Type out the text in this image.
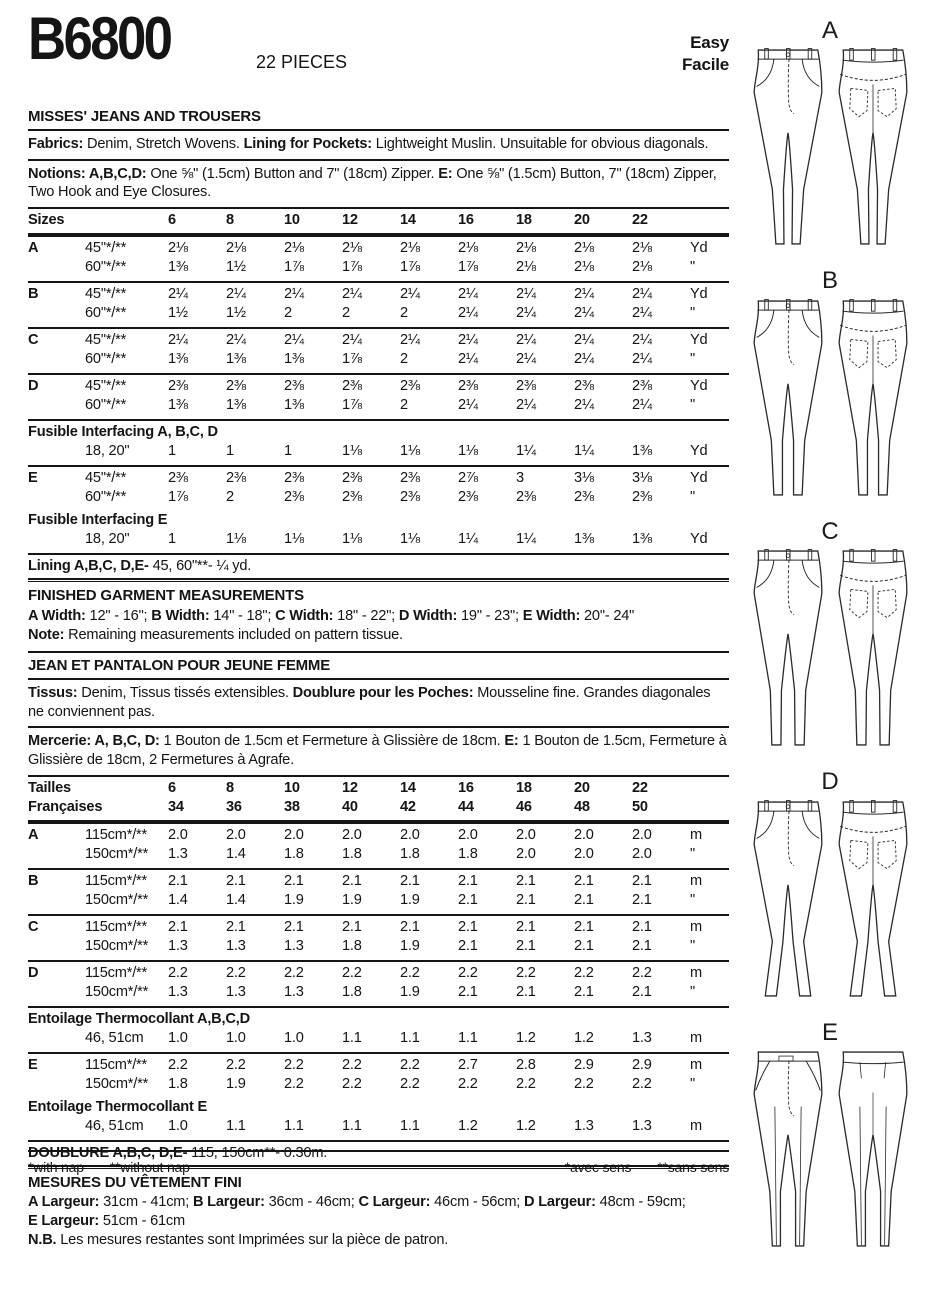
B6800	22 PIECES
Easy
Facile
MISSES' JEANS AND TROUSERS
Fabrics: Denim, Stretch Wovens. Lining for Pockets: Lightweight Muslin. Unsuitable for obvious diagonals.
Notions: A,B,C,D: One ⅝" (1.5cm) Button and 7" (18cm) Zipper. E: One ⅝" (1.5cm) Button, 7" (18cm) Zipper, Two Hook and Eye Closures.
Sizes	6	8	10	12	14	16	18	20	22
A	45"*/**	2⅛	2⅛	2⅛	2⅛	2⅛	2⅛	2⅛	2⅛	2⅛	Yd
60"*/**	1⅜	1½	1⅞	1⅞	1⅞	1⅞	2⅛	2⅛	2⅛	"
B	45"*/**	2¼	2¼	2¼	2¼	2¼	2¼	2¼	2¼	2¼	Yd
60"*/**	1½	1½	2	2	2	2¼	2¼	2¼	2¼	"
C	45"*/**	2¼	2¼	2¼	2¼	2¼	2¼	2¼	2¼	2¼	Yd
60"*/**	1⅜	1⅜	1⅜	1⅞	2	2¼	2¼	2¼	2¼	"
D	45"*/**	2⅜	2⅜	2⅜	2⅜	2⅜	2⅜	2⅜	2⅜	2⅜	Yd
60"*/**	1⅜	1⅜	1⅜	1⅞	2	2¼	2¼	2¼	2¼	"
Fusible Interfacing A, B,C, D
18, 20"	1	1	1	1⅛	1⅛	1⅛	1¼	1¼	1⅜	Yd
E	45"*/**	2⅜	2⅜	2⅜	2⅜	2⅜	2⅞	3	3⅛	3⅛	Yd
60"*/**	1⅞	2	2⅜	2⅜	2⅜	2⅜	2⅜	2⅜	2⅜	"
Fusible Interfacing E
18, 20"	1	1⅛	1⅛	1⅛	1⅛	1¼	1¼	1⅜	1⅜	Yd
Lining A,B,C, D,E- 45, 60"**- ¼ yd.
FINISHED GARMENT MEASUREMENTS
A Width: 12" - 16"; B Width: 14" - 18"; C Width: 18" - 22"; D Width: 19" - 23"; E Width: 20"- 24"
Note: Remaining measurements included on pattern tissue.
JEAN ET PANTALON POUR JEUNE FEMME
Tissus: Denim, Tissus tissés extensibles. Doublure pour les Poches: Mousseline fine. Grandes diagonales ne conviennent pas.
Mercerie: A, B,C, D: 1 Bouton de 1.5cm et Fermeture à Glissière de 18cm. E: 1 Bouton de 1.5cm, Fermeture à Glissière de 18cm, 2 Fermetures à Agrafe.
Tailles	6	8	10	12	14	16	18	20	22
Françaises	34	36	38	40	42	44	46	48	50
A	115cm*/**	2.0	2.0	2.0	2.0	2.0	2.0	2.0	2.0	2.0	m
150cm*/**	1.3	1.4	1.8	1.8	1.8	1.8	2.0	2.0	2.0	"
B	115cm*/**	2.1	2.1	2.1	2.1	2.1	2.1	2.1	2.1	2.1	m
150cm*/**	1.4	1.4	1.9	1.9	1.9	2.1	2.1	2.1	2.1	"
C	115cm*/**	2.1	2.1	2.1	2.1	2.1	2.1	2.1	2.1	2.1	m
150cm*/**	1.3	1.3	1.3	1.8	1.9	2.1	2.1	2.1	2.1	"
D	115cm*/**	2.2	2.2	2.2	2.2	2.2	2.2	2.2	2.2	2.2	m
150cm*/**	1.3	1.3	1.3	1.8	1.9	2.1	2.1	2.1	2.1	"
Entoilage Thermocollant A,B,C,D
46, 51cm	1.0	1.0	1.0	1.1	1.1	1.1	1.2	1.2	1.3	m
E	115cm*/**	2.2	2.2	2.2	2.2	2.2	2.7	2.8	2.9	2.9	m
150cm*/**	1.8	1.9	2.2	2.2	2.2	2.2	2.2	2.2	2.2	"
Entoilage Thermocollant E
46, 51cm	1.0	1.1	1.1	1.1	1.1	1.2	1.2	1.3	1.3	m
DOUBLURE A,B,C, D,E- 115, 150cm**- 0.30m.
MESURES DU VÊTEMENT FINI
A Largeur: 31cm - 41cm; B Largeur: 36cm - 46cm; C Largeur: 46cm - 56cm; D Largeur: 48cm - 59cm;
E Largeur: 51cm - 61cm
N.B. Les mesures restantes sont Imprimées sur la pièce de patron.
A
B
C
D
E
*with nap **without nap	*avec sens **sans sens
